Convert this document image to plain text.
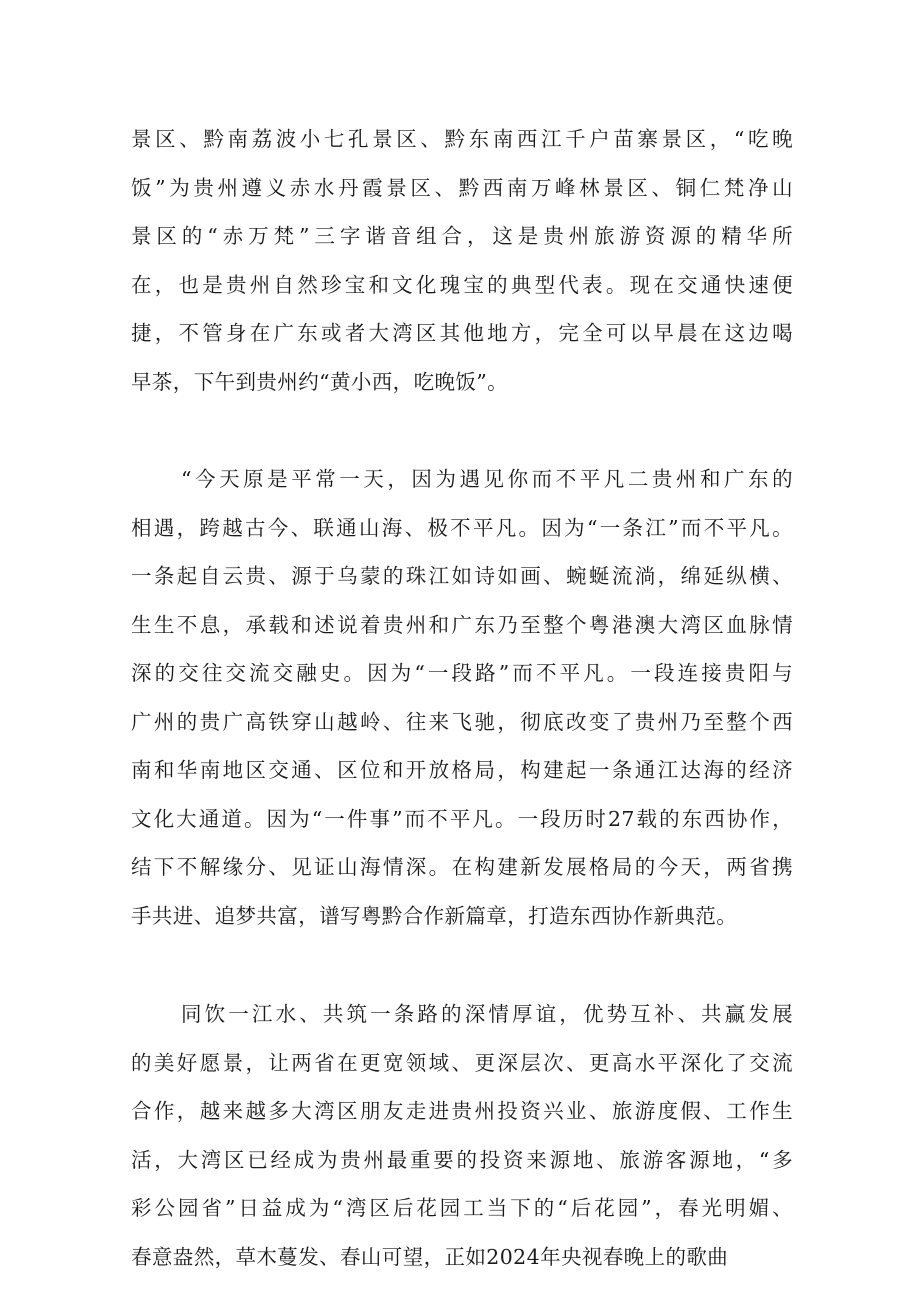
景区、黔南荔波小七孔景区、黔东南西江千户苗寨景区，“吃晚
饭”为贵州遵义赤水丹霞景区、黔西南万峰林景区、铜仁梵净山
景区的“赤万梵”三字谐音组合，这是贵州旅游资源的精华所
在，也是贵州自然珍宝和文化瑰宝的典型代表。现在交通快速便
捷，不管身在广东或者大湾区其他地方，完全可以早晨在这边喝
早茶，下午到贵州约“黄小西，吃晚饭”。
“今天原是平常一天，因为遇见你而不平凡二贵州和广东的
相遇，跨越古今、联通山海、极不平凡。因为“一条江”而不平凡。
一条起自云贵、源于乌蒙的珠江如诗如画、蜿蜒流淌，绵延纵横、
生生不息，承载和述说着贵州和广东乃至整个粤港澳大湾区血脉情
深的交往交流交融史。因为“一段路”而不平凡。一段连接贵阳与
广州的贵广高铁穿山越岭、往来飞驰，彻底改变了贵州乃至整个西
南和华南地区交通、区位和开放格局，构建起一条通江达海的经济
文化大通道。因为“一件事”而不平凡。一段历时27载的东西协作，
结下不解缘分、见证山海情深。在构建新发展格局的今天，两省携
手共进、追梦共富，谱写粤黔合作新篇章，打造东西协作新典范。
同饮一江水、共筑一条路的深情厚谊，优势互补、共赢发展
的美好愿景，让两省在更宽领域、更深层次、更高水平深化了交流
合作，越来越多大湾区朋友走进贵州投资兴业、旅游度假、工作生
活，大湾区已经成为贵州最重要的投资来源地、旅游客源地，“多
彩公园省”日益成为“湾区后花园工当下的“后花园”，春光明媚、
春意盎然，草木蔓发、春山可望，正如2024年央视春晚上的歌曲
